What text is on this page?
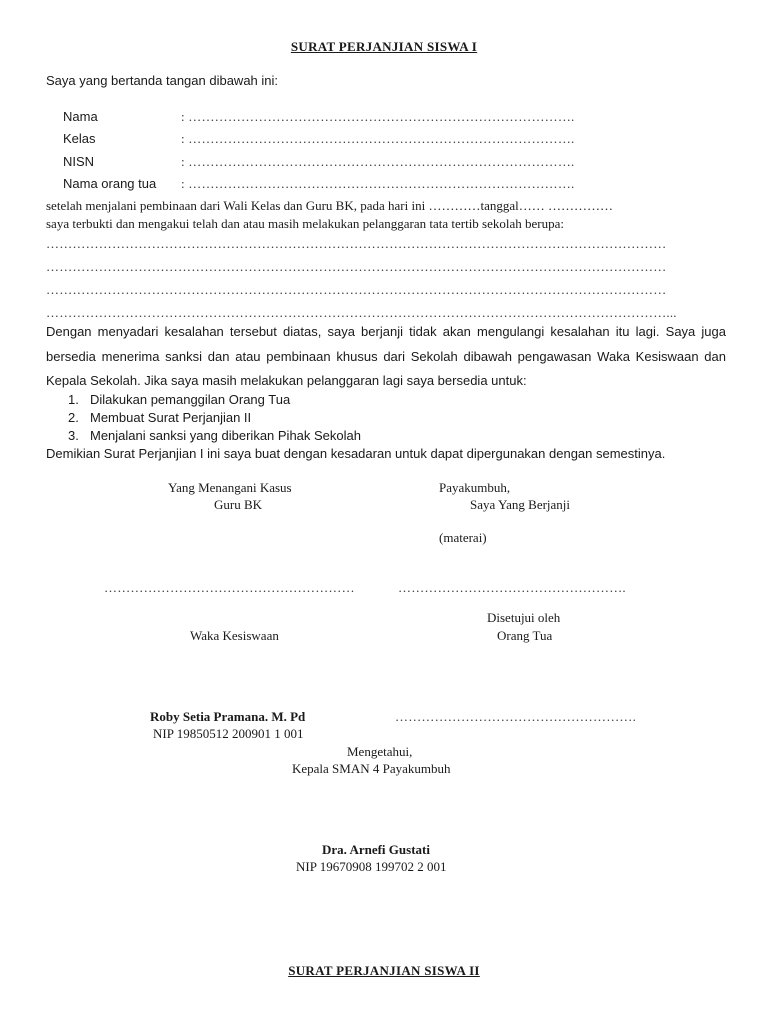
SURAT PERJANJIAN SISWA I
Saya yang bertanda tangan dibawah ini:
Nama	: …………………………………………………………………………….
Kelas	: …………………………………………………………………………….
NISN	: …………………………………………………………………………….
Nama orang tua : …………………………………………………………………………….
setelah menjalani pembinaan dari Wali Kelas dan Guru BK, pada hari ini …………tanggal…… ……………
saya terbukti dan mengakui telah dan atau masih melakukan pelanggaran tata tertib sekolah berupa:
……………………………………………………………………………………………………………………………
……………………………………………………………………………………………………………………………
……………………………………………………………………………………………………………………………
……………………………………………………………………………………………………………………………...
Dengan menyadari kesalahan tersebut diatas, saya berjanji tidak akan mengulangi kesalahan itu lagi. Saya juga bersedia menerima sanksi dan atau pembinaan khusus dari Sekolah dibawah pengawasan Waka Kesiswaan dan Kepala Sekolah. Jika saya masih melakukan pelanggaran lagi saya bersedia untuk:
1. Dilakukan pemanggilan Orang Tua
2. Membuat Surat Perjanjian II
3. Menjalani sanksi yang diberikan Pihak Sekolah
Demikian Surat Perjanjian I ini saya buat dengan kesadaran untuk dapat dipergunakan dengan semestinya.
Yang Menangani Kasus
Guru BK
Payakumbuh,
Saya Yang Berjanji
(materai)
…………………………………………………	…………………………………………….
Disetujui oleh
Orang Tua
Waka Kesiswaan
Roby Setia Pramana. M. Pd	……………………………………………….
NIP 19850512 200901 1 001
Mengetahui,
Kepala SMAN 4 Payakumbuh
Dra. Arnefi Gustati
NIP 19670908 199702 2 001
SURAT PERJANJIAN SISWA II
